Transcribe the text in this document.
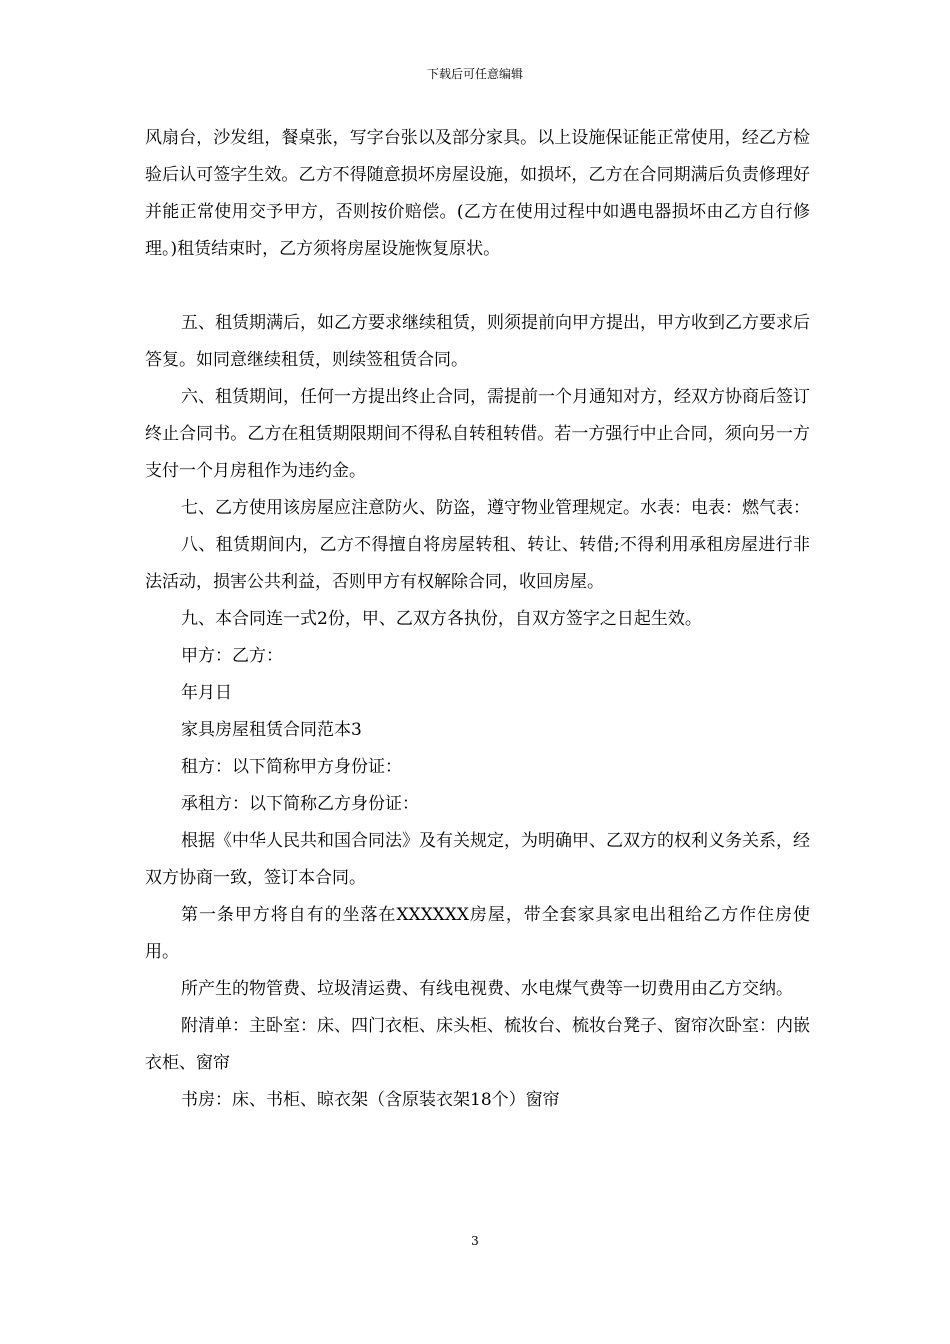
下载后可任意编辑

风扇台，沙发组，餐桌张，写字台张以及部分家具。以上设施保证能正常使用，经乙方检验后认可签字生效。乙方不得随意损坏房屋设施，如损坏，乙方在合同期满后负责修理好并能正常使用交予甲方，否则按价赔偿。(乙方在使用过程中如遇电器损坏由乙方自行修理。)租赁结束时，乙方须将房屋设施恢复原状。

五、租赁期满后，如乙方要求继续租赁，则须提前向甲方提出，甲方收到乙方要求后答复。如同意继续租赁，则续签租赁合同。

六、租赁期间，任何一方提出终止合同，需提前一个月通知对方，经双方协商后签订终止合同书。乙方在租赁期限期间不得私自转租转借。若一方强行中止合同，须向另一方支付一个月房租作为违约金。

七、乙方使用该房屋应注意防火、防盗，遵守物业管理规定。水表：电表：燃气表：

八、租赁期间内，乙方不得擅自将房屋转租、转让、转借;不得利用承租房屋进行非法活动，损害公共利益，否则甲方有权解除合同，收回房屋。

九、本合同连一式2份，甲、乙双方各执份，自双方签字之日起生效。

甲方：乙方：

年月日

家具房屋租赁合同范本3

租方：以下简称甲方身份证：

承租方：以下简称乙方身份证：

根据《中华人民共和国合同法》及有关规定，为明确甲、乙双方的权利义务关系，经双方协商一致，签订本合同。

第一条甲方将自有的坐落在XXXXXX房屋，带全套家具家电出租给乙方作住房使用。

所产生的物管费、垃圾清运费、有线电视费、水电煤气费等一切费用由乙方交纳。

附清单：主卧室：床、四门衣柜、床头柜、梳妆台、梳妆台凳子、窗帘次卧室：内嵌衣柜、窗帘

书房：床、书柜、晾衣架（含原装衣架18个）窗帘

3
